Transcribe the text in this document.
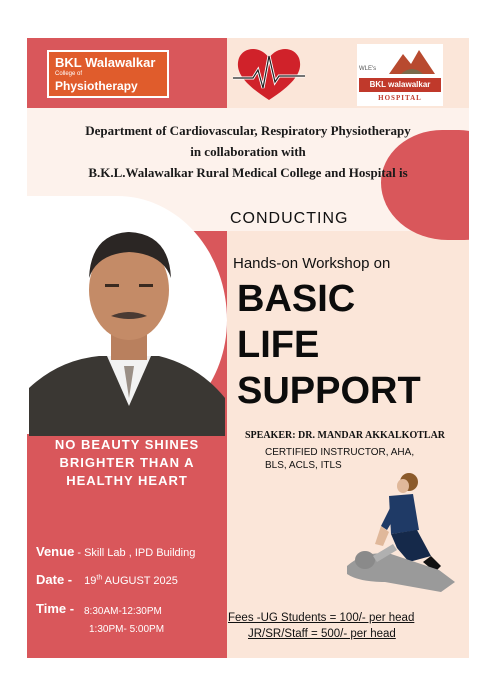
BKL Walawalkar
College of
Physiotherapy
WLE's
BKL walawalkar
HOSPITAL
Department of Cardiovascular, Respiratory Physiotherapy
in collaboration with
B.K.L.Walawalkar Rural Medical College and Hospital is
CONDUCTING
Hands-on Workshop on
BASIC
LIFE
SUPPORT
SPEAKER: DR. MANDAR AKKALKOTLAR
CERTIFIED INSTRUCTOR, AHA, BLS, ACLS, ITLS
NO BEAUTY SHINES
BRIGHTER THAN A
HEALTHY HEART
Venue - Skill Lab , IPD Building
Date - 19th AUGUST 2025
Time - 8:30AM-12:30PM
1:30PM- 5:00PM
Fees -UG Students = 100/- per head
JR/SR/Staff = 500/- per head
